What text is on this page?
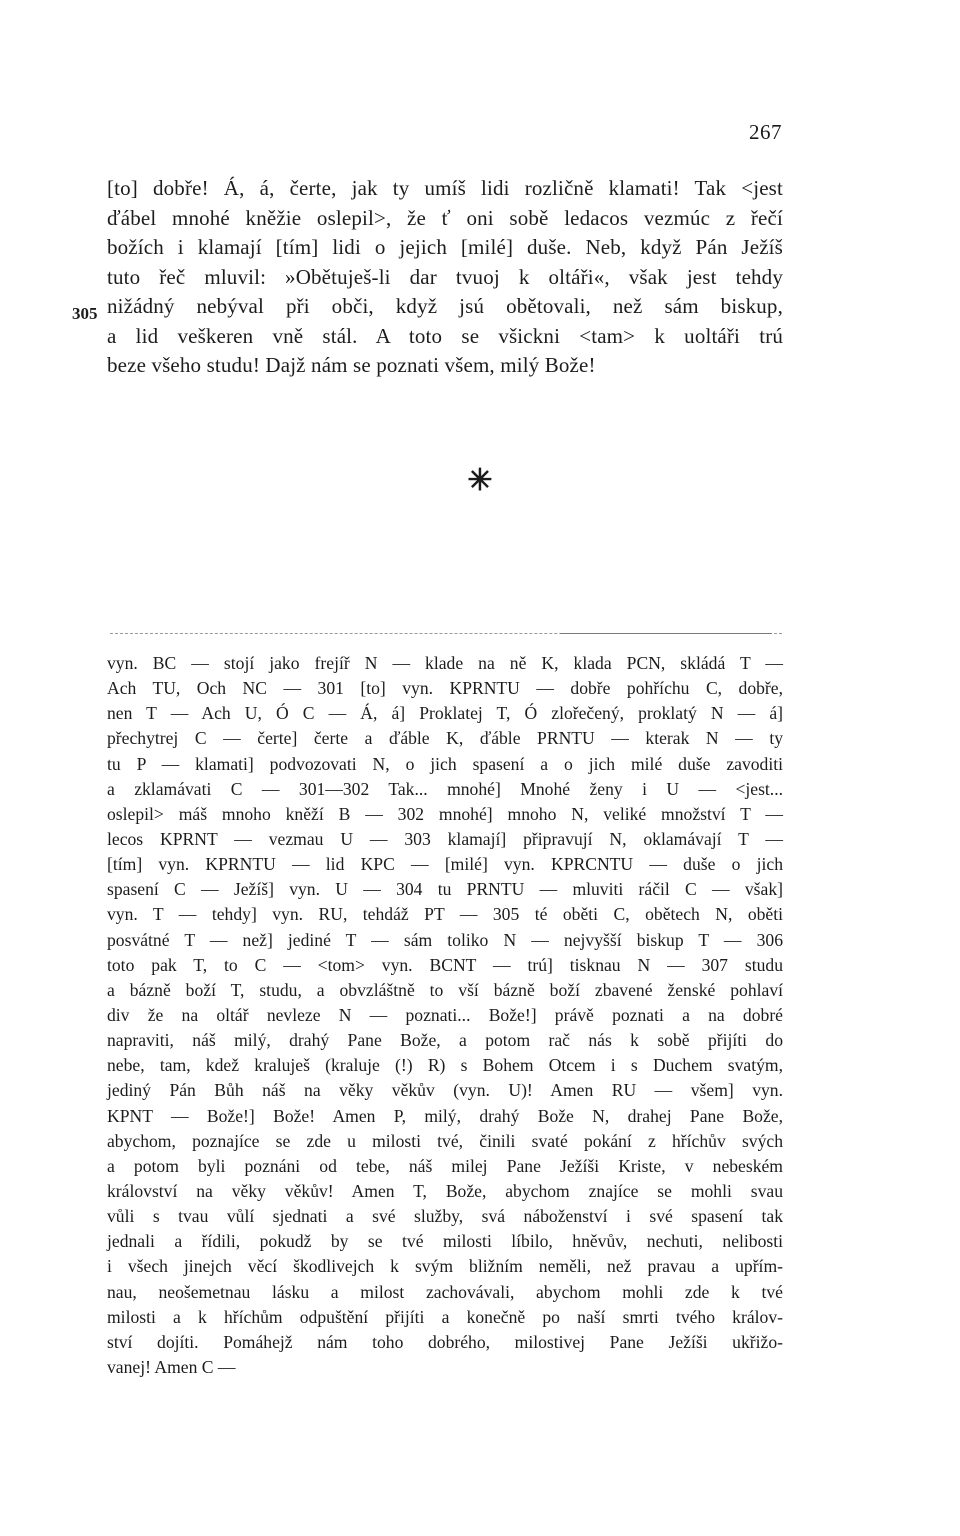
267
305
[to] dobře! Á, á, čerte, jak ty umíš lidi rozličně klamati! Tak <jest
ďábel mnohé kněžie oslepil>, že ť oni sobě ledacos vezmúc z řečí
božích i klamají [tím] lidi o jejich [milé] duše. Neb, když Pán Ježíš
tuto řeč mluvil: »Obětuješ-li dar tvuoj k oltáři«, však jest tehdy
nižádný nebýval při obči, když jsú obětovali, než sám biskup,
a lid veškeren vně stál. A toto se všickni <tam> k uoltáři trú
beze všeho studu! Dajž nám se poznati všem, milý Bože!
✳
vyn. BC — stojí jako frejíř N — klade na ně K, klada PCN, skládá T —
Ach TU, Och NC — 301 [to] vyn. KPRNTU — dobře pohříchu C, dobře,
nen T — Ach U, Ó C — Á, á] Proklatej T, Ó zlořečený, proklatý N — á]
přechytrej C — čerte] čerte a ďáble K, ďáble PRNTU — kterak N — ty
tu P — klamati] podvozovati N, o jich spasení a o jich milé duše zavoditi
a zklamávati C — 301—302 Tak... mnohé] Mnohé ženy i U — <jest...
oslepil> máš mnoho kněží B — 302 mnohé] mnoho N, veliké množství T —
lecos KPRNT — vezmau U — 303 klamají] připravují N, oklamávají T —
[tím] vyn. KPRNTU — lid KPC — [milé] vyn. KPRCNTU — duše o jich
spasení C — Ježíš] vyn. U — 304 tu PRNTU — mluviti ráčil C — však]
vyn. T — tehdy] vyn. RU, tehdáž PT — 305 té oběti C, obětech N, oběti
posvátné T — než] jediné T — sám toliko N — nejvyšší biskup T — 306
toto pak T, to C — <tom> vyn. BCNT — trú] tisknau N — 307 studu
a bázně boží T, studu, a obvzláštně to vší bázně boží zbavené ženské pohlaví
div že na oltář nevleze N — poznati... Bože!] právě poznati a na dobré
napraviti, náš milý, drahý Pane Bože, a potom rač nás k sobě přijíti do
nebe, tam, kdež kraluješ (kraluje (!) R) s Bohem Otcem i s Duchem svatým,
jediný Pán Bůh náš na věky věkův (vyn. U)! Amen RU — všem] vyn.
KPNT — Bože!] Bože! Amen P, milý, drahý Bože N, drahej Pane Bože,
abychom, poznajíce se zde u milosti tvé, činili svaté pokání z hříchův svých
a potom byli poznáni od tebe, náš milej Pane Ježíši Kriste, v nebeském
království na věky věkův! Amen T, Bože, abychom znajíce se mohli svau
vůli s tvau vůlí sjednati a své služby, svá náboženství i své spasení tak
jednali a řídili, pokudž by se tvé milosti líbilo, hněvův, nechuti, nelibosti
i všech jinejch věcí škodlivejch k svým bližním neměli, než pravau a upřím-
nau, neošemetnau lásku a milost zachovávali, abychom mohli zde k tvé
milosti a k hříchům odpuštění přijíti a konečně po naší smrti tvého králov-
ství dojíti. Pomáhejž nám toho dobrého, milostivej Pane Ježíši ukřižo-
vanej! Amen C —
